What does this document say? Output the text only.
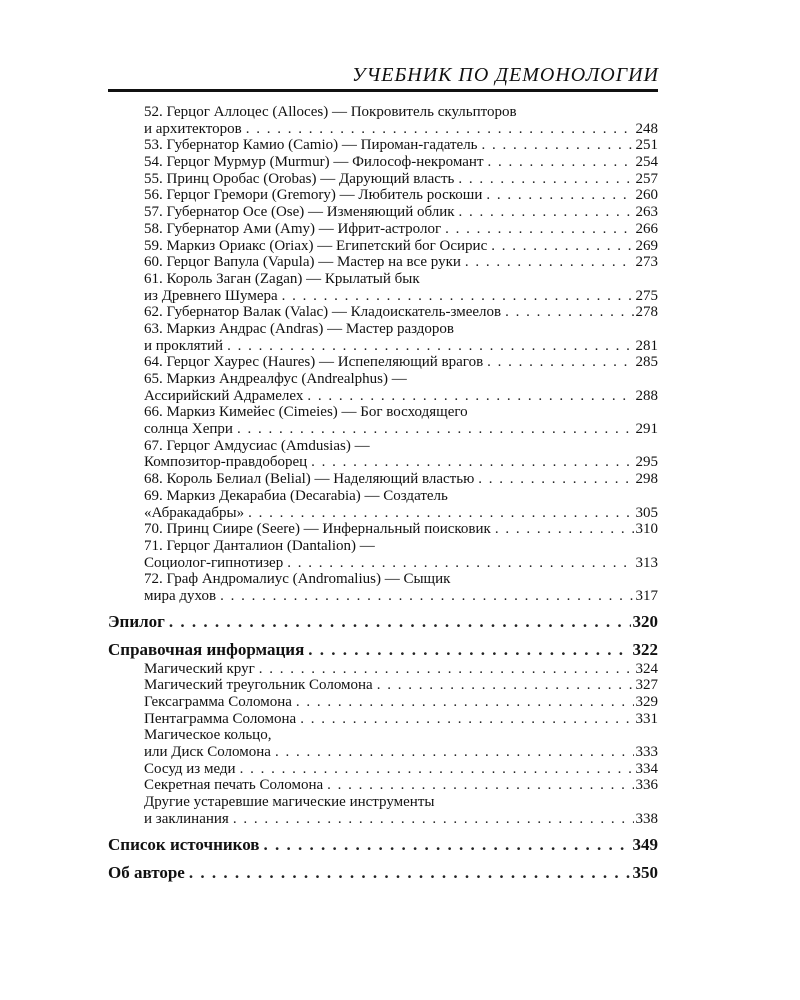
УЧЕБНИК ПО ДЕМОНОЛОГИИ
52. Герцог Аллоцес (Alloces) — Покровитель скульпторов
и архитекторов . . .	248
53. Губернатор Камио (Camio) — Пироман-гадатель . . .	251
54. Герцог Мурмур (Murmur) — Философ-некромант . . .	254
55. Принц Оробас (Orobas) — Дарующий власть . . .	257
56. Герцог Гремори (Gremory) — Любитель роскоши . . .	260
57. Губернатор Осе (Ose) — Изменяющий облик . . .	263
58. Губернатор Ами (Amy) — Ифрит-астролог . . .	266
59. Маркиз Ориакс (Oriax) — Египетский бог Осирис . . .	269
60. Герцог Вапула (Vapula) — Мастер на все руки . . .	273
61. Король Заган (Zagan) — Крылатый бык
из Древнего Шумера . . .	275
62. Губернатор Валак (Valac) — Кладоискатель-змеелов . . .	278
63. Маркиз Андрас (Andras) — Мастер раздоров
и проклятий . . .	281
64. Герцог Хаурес (Haures) — Испепеляющий врагов . . .	285
65. Маркиз Андреалфус (Andrealphus) —
Ассирийский Адрамелех . . .	288
66. Маркиз Кимейес (Cimeies) — Бог восходящего
солнца Хепри . . .	291
67. Герцог Амдусиас (Amdusias) —
Композитор-правдоборец . . .	295
68. Король Белиал (Belial) — Наделяющий властью . . .	298
69. Маркиз Декарабиа (Decarabia) — Создатель
«Абракадабры» . . .	305
70. Принц Сиире (Seere) — Инфернальный поисковик . . .	310
71. Герцог Данталион (Dantalion) —
Социолог-гипнотизер . . .	313
72. Граф Андромалиус (Andromalius) — Сыщик
мира духов . . .	317
Эпилог . . .	320
Справочная информация . . .	322
Магический круг . . .	324
Магический треугольник Соломона . . .	327
Гексаграмма Соломона . . .	329
Пентаграмма Соломона . . .	331
Магическое кольцо,
или Диск Соломона . . .	333
Сосуд из меди . . .	334
Секретная печать Соломона . . .	336
Другие устаревшие магические инструменты
и заклинания . . .	338
Список источников . . .	349
Об авторе . . .	350
